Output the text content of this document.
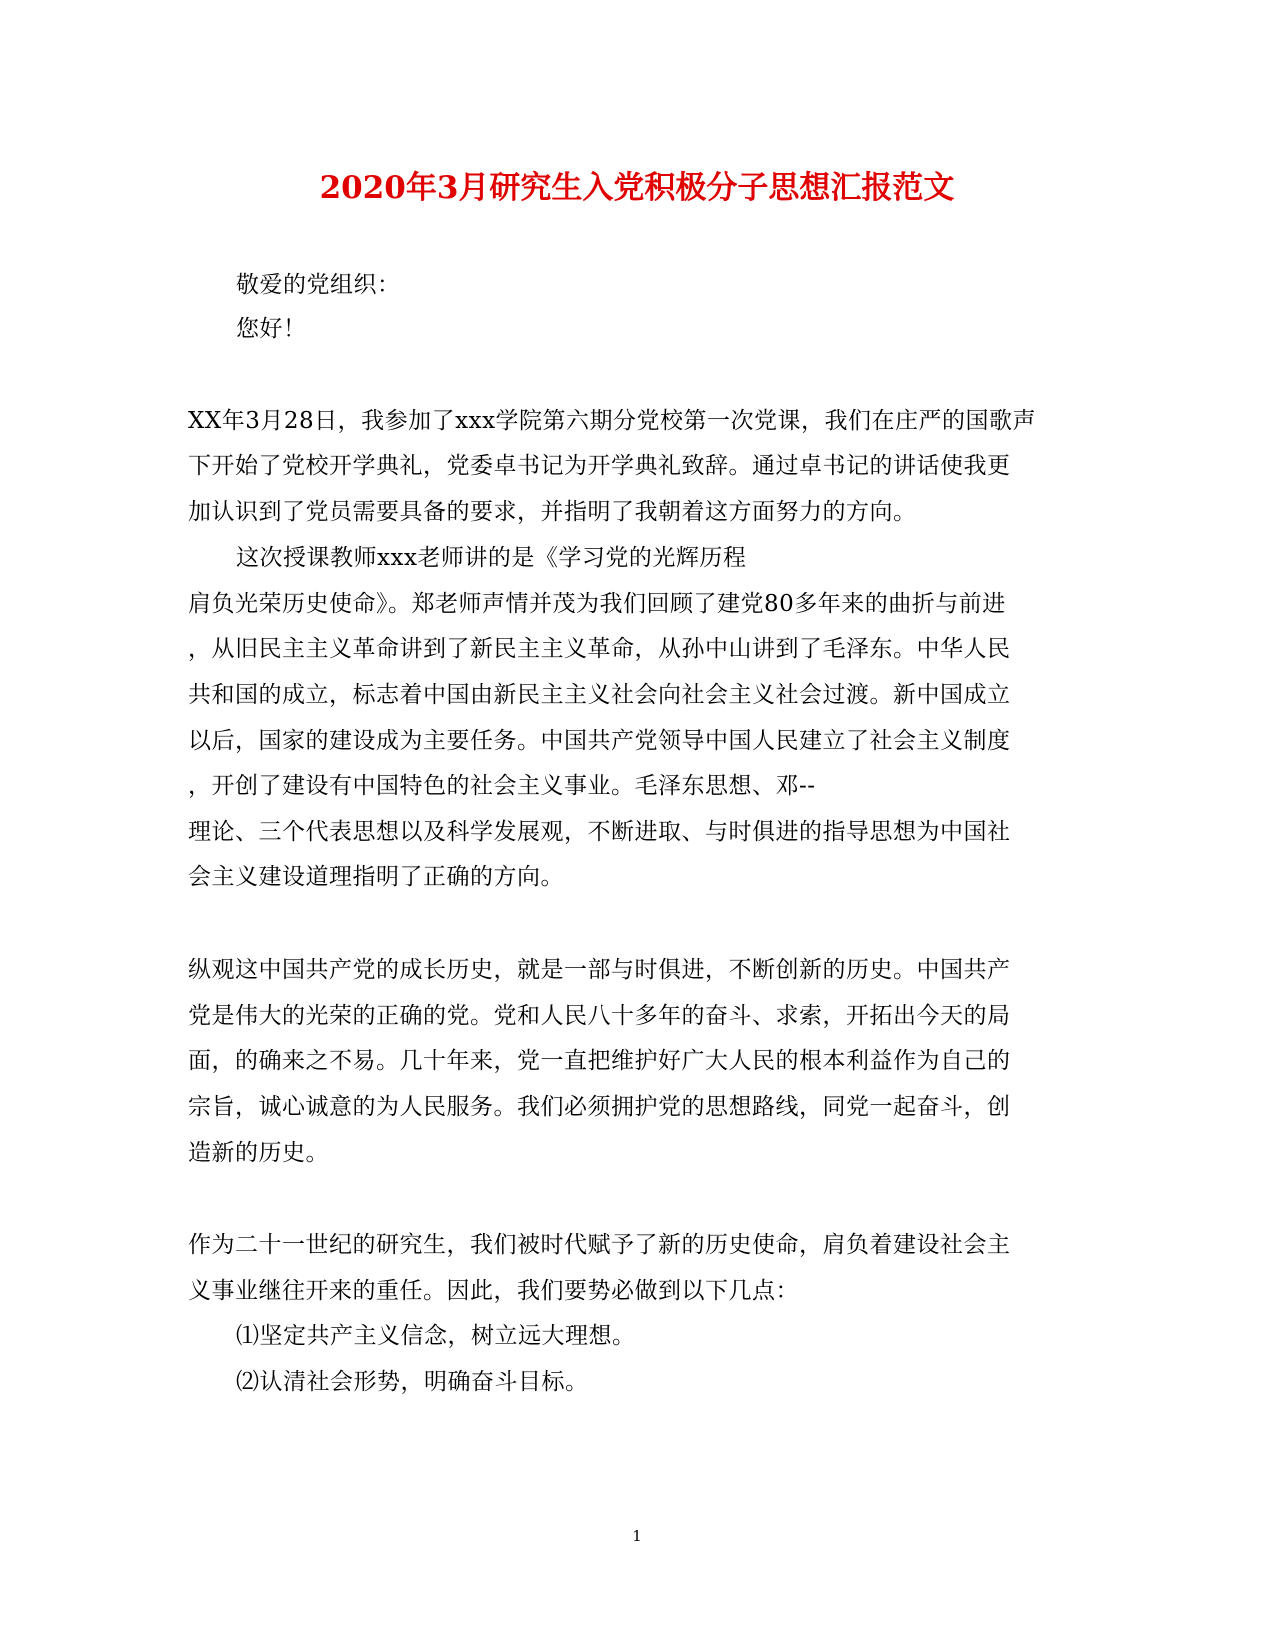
2020年3月研究生入党积极分子思想汇报范文
敬爱的党组织：
您好！
XX年3月28日，我参加了xxx学院第六期分党校第一次党课，我们在庄严的国歌声
下开始了党校开学典礼，党委卓书记为开学典礼致辞。通过卓书记的讲话使我更
加认识到了党员需要具备的要求，并指明了我朝着这方面努力的方向。
这次授课教师xxx老师讲的是《学习党的光辉历程
肩负光荣历史使命》。郑老师声情并茂为我们回顾了建党80多年来的曲折与前进
，从旧民主主义革命讲到了新民主主义革命，从孙中山讲到了毛泽东。中华人民
共和国的成立，标志着中国由新民主主义社会向社会主义社会过渡。新中国成立
以后，国家的建设成为主要任务。中国共产党领导中国人民建立了社会主义制度
，开创了建设有中国特色的社会主义事业。毛泽东思想、邓--
理论、三个代表思想以及科学发展观，不断进取、与时俱进的指导思想为中国社
会主义建设道理指明了正确的方向。
纵观这中国共产党的成长历史，就是一部与时俱进，不断创新的历史。中国共产
党是伟大的光荣的正确的党。党和人民八十多年的奋斗、求索，开拓出今天的局
面，的确来之不易。几十年来，党一直把维护好广大人民的根本利益作为自己的
宗旨，诚心诚意的为人民服务。我们必须拥护党的思想路线，同党一起奋斗，创
造新的历史。
作为二十一世纪的研究生，我们被时代赋予了新的历史使命，肩负着建设社会主
义事业继往开来的重任。因此，我们要势必做到以下几点：
⑴坚定共产主义信念，树立远大理想。
⑵认清社会形势，明确奋斗目标。
1
